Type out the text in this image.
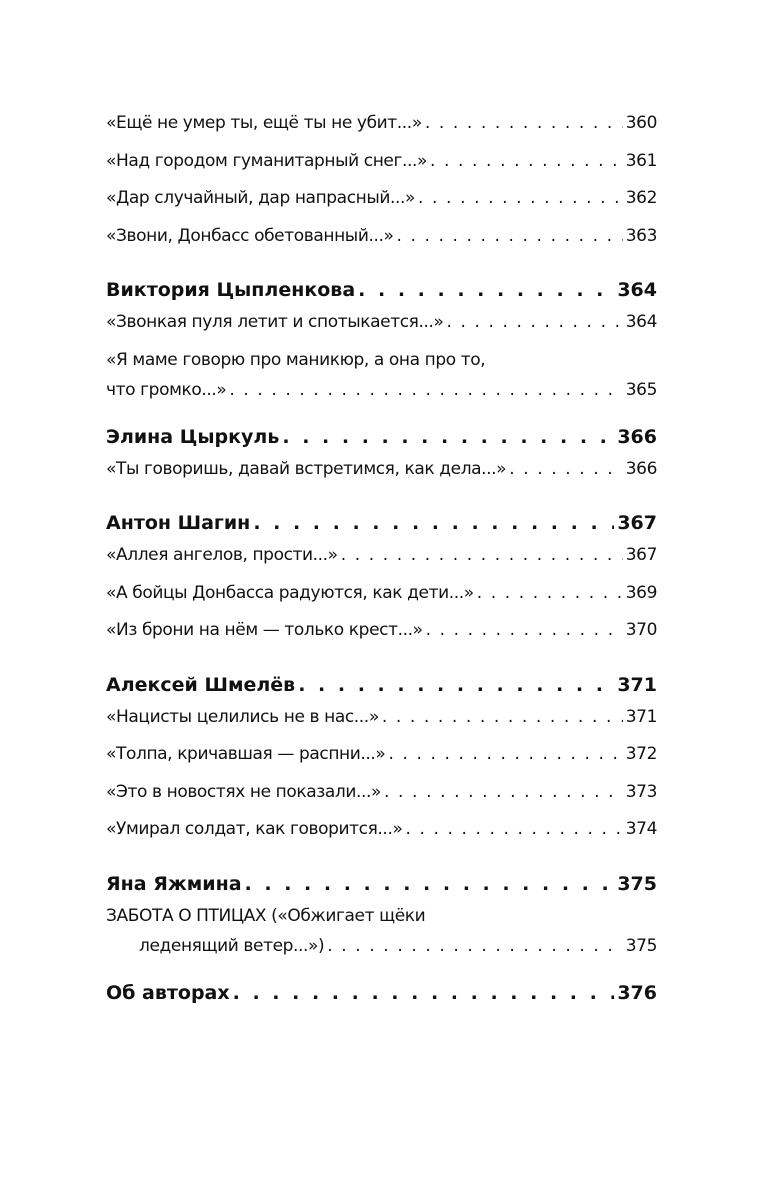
«Ещё не умер ты, ещё ты не убит...» . . .	360
«Над городом гуманитарный снег...» . . .	361
«Дар случайный, дар напрасный...» . . .	362
«Звони, Донбасс обетованный...» . . .	363
Виктория Цыпленкова . . .	364
«Звонкая пуля летит и спотыкается...» . . .	364
«Я маме говорю про маникюр, а она про то,
что громко...» . . .	365
Элина Цыркуль . . .	366
«Ты говоришь, давай встретимся, как дела...» . . .	366
Антон Шагин . . .	367
«Аллея ангелов, прости...» . . .	367
«А бойцы Донбасса радуются, как дети...» . . .	369
«Из брони на нём — только крест...» . . .	370
Алексей Шмелёв . . .	371
«Нацисты целились не в нас...» . . .	371
«Толпа, кричавшая — распни...» . . .	372
«Это в новостях не показали...» . . .	373
«Умирал солдат, как говорится...» . . .	374
Яна Яжмина . . .	375
ЗАБОТА О ПТИЦАХ («Обжигает щёки
леденящий ветер...») . . .	375
Об авторах . . .	376
